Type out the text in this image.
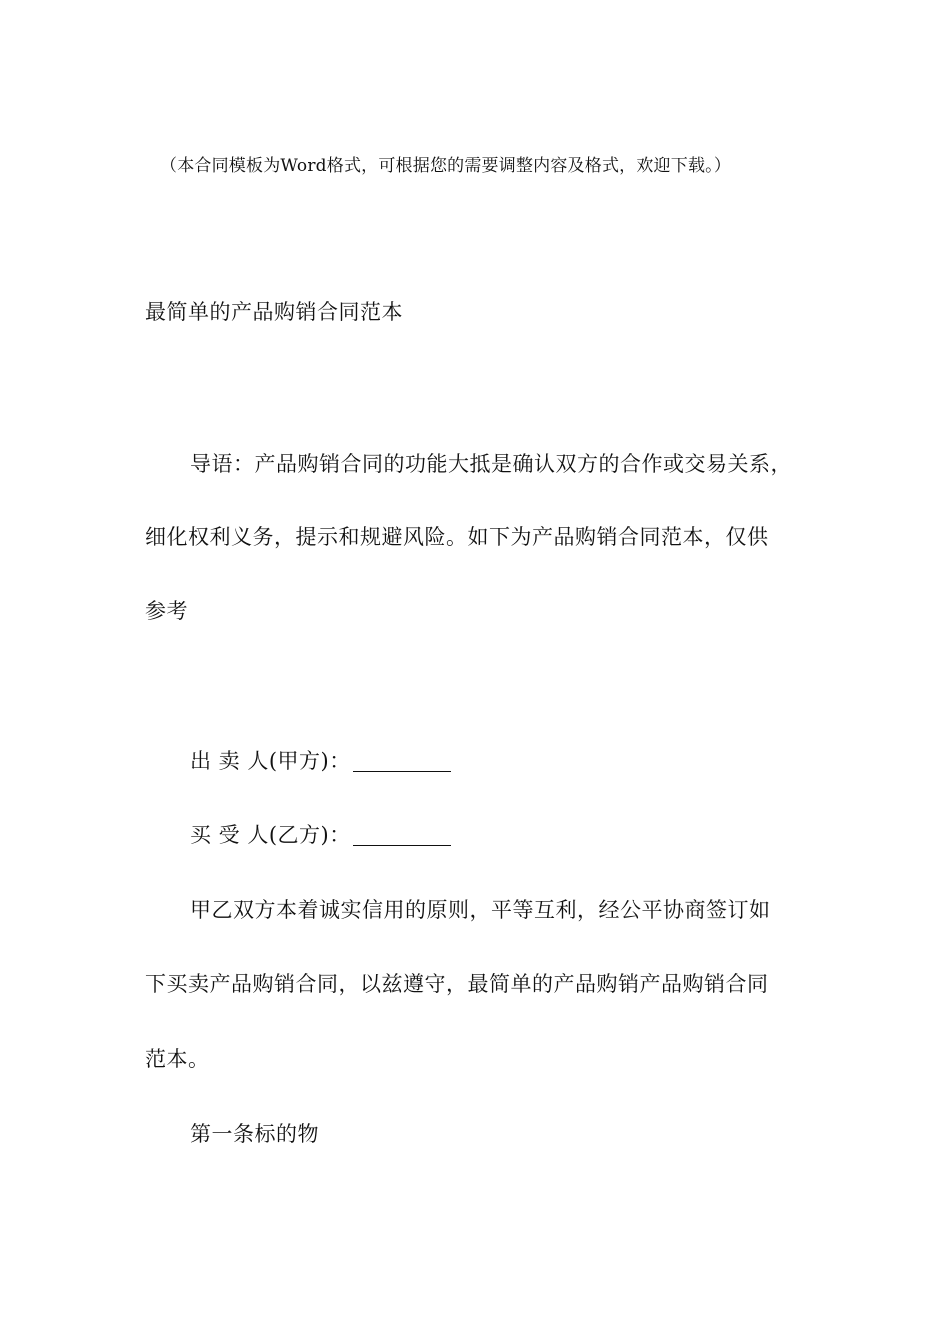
（本合同模板为Word格式，可根据您的需要调整内容及格式，欢迎下载。）
最简单的产品购销合同范本
导语：产品购销合同的功能大抵是确认双方的合作或交易关系，
细化权利义务，提示和规避风险。如下为产品购销合同范本，仅供
参考
出 卖 人(甲方)：
买 受 人(乙方)：
甲乙双方本着诚实信用的原则，平等互利，经公平协商签订如
下买卖产品购销合同，以兹遵守，最简单的产品购销产品购销合同
范本。
第一条标的物
